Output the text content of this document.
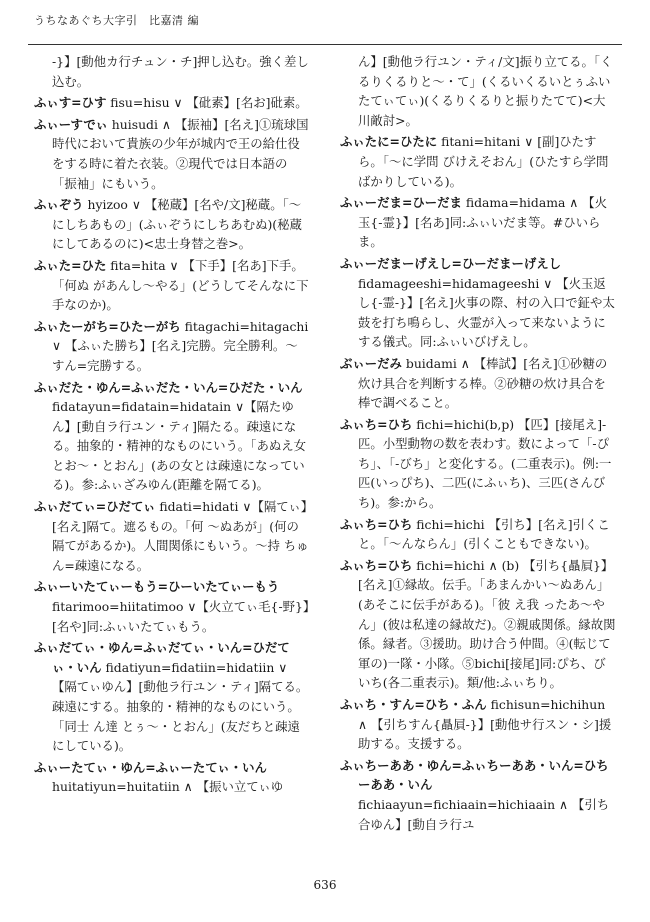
うちなあぐち大字引　比嘉清 編
-}】[動他カ行チュン・チ]押し込む。強く差し込む。
ふぃす=ひす fisu=hisu ∨ 【砒素】[名お]砒素。
ふぃーすでぃ huisudi ∧ 【振袖】[名え]①琉球国時代において貴族の少年が城内で王の給仕役をする時に着た衣装。②現代では日本語の「振袖」にもいう。
ふぃぞう hyizoo ∨ 【秘蔵】[名や/文]秘蔵。「～にしちあもの」(ふぃぞうにしちあむぬ)(秘蔵にしてあるのに)<忠士身替之巻>。
ふぃた=ひた fita=hita ∨ 【下手】[名あ]下手。「何ぬ があんし～やる」(どうしてそんなに下手なのか)。
ふぃたーがち=ひたーがち fitagachi=hitagachi ∨ 【ふぃた勝ち】[名え]完勝。完全勝利。～すん=完勝する。
ふぃだた・ゆん=ふぃだた・いん=ひだた・いん fidatayun=fidatain=hidatain ∨【隔たゆん】[動自ラ行ユン・ティ]隔たる。疎遠になる。抽象的・精神的なものにいう。「あぬえ女 とお～・とおん」(あの女とは疎遠になっている)。参:ふぃざみゆん(距離を隔てる)。
ふぃだてぃ=ひだてぃ fidati=hidati ∨【隔てぃ】[名え]隔て。遮るもの。「何 ～ぬあが」(何の隔てがあるか)。人間関係にもいう。～持 ちゅん=疎遠になる。
ふぃーいたてぃーもう=ひーいたてぃーもう fitarimoo=hiitatimoo ∨【火立てぃ毛{-野}】[名や]同:ふぃいたてぃもう。
ふぃだてぃ・ゆん=ふぃだてぃ・いん=ひだてぃ・いん fidatiyun=fidatiin=hidatiin ∨ 【隔てぃゆん】[動他ラ行ユン・ティ]隔てる。疎遠にする。抽象的・精神的なものにいう。「同士 ん達 とぅ～・とおん」(友だちと疎遠にしている)。
ふぃーたてぃ・ゆん=ふぃーたてぃ・いん huitatiyun=huitatiin ∧ 【振い立てぃゆ
ん】[動他ラ行ユン・ティ/文]振り立てる。「くるりくるりと～・て」(くるいくるいとぅふいたてぃてぃ)(くるりくるりと振りたてて)<大川敵討>。
ふぃたに=ひたに fitani=hitani ∨ [副]ひたすら。「～に学問 びけえそおん」(ひたすら学問ばかりしている)。
ふぃーだま=ひーだま fidama=hidama ∧ 【火玉{-霊}】[名あ]同:ふぃいだま等。#ひいらま。
ふぃーだまーげえし=ひーだまーげえし fidamageeshi=hidamageeshi ∨ 【火玉返し{-霊-}】[名え]火事の際、村の入口で鉦や太鼓を打ち鳴らし、火霊が入って来ないようにする儀式。同:ふぃいびげえし。
ぶぃーだみ buidami ∧ 【棒試】[名え]①砂糖の炊け具合を判断する棒。②砂糖の炊け具合を棒で調べること。
ふぃち=ひち fichi=hichi(b,p) 【匹】[接尾え]-匹。小型動物の数を表わす。数によって「-ぴち」、「-びち」と変化する。(二重表示)。例:一匹(いっぴち)、二匹(にふぃち)、三匹(さんびち)。参:から。
ふぃち=ひち fichi=hichi 【引ち】[名え]引くこと。「～んならん」(引くこともできない)。
ふぃち=ひち fichi=hichi ∧ (b) 【引ち{贔屓}】[名え]①縁故。伝手。「あまんかい～ぬあん」(あそこに伝手がある)。「彼 え我 ったあ～やん」(彼は私達の縁故だ)。②親戚関係。縁故関係。縁者。③援助。助け合う仲間。④(転じて軍の)一隊・小隊。⑤bichi[接尾]同:ぴち、びいち(各二重表示)。類/他:ふぃちり。
ふぃち・すん=ひち・ふん fichisun=hichihun ∧ 【引ちすん{贔屓-}】[動他サ行スン・シ]援助する。支援する。
ふぃちーああ・ゆん=ふぃちーああ・いん=ひちーああ・いん fichiaayun=fichiaain=hichiaain ∧ 【引ち合ゆん】[動自ラ行ユ
636
